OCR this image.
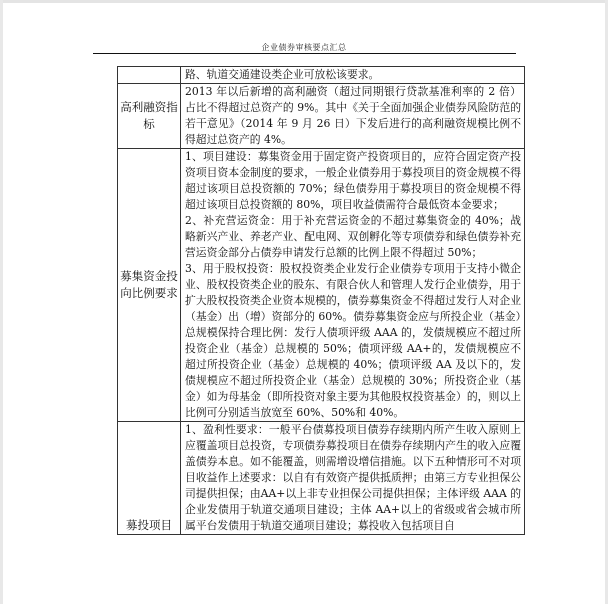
企业债券审核要点汇总

	路、轨道交通建设类企业可放松该要求。

高利融资指标	2013 年以后新增的高利融资（超过同期银行贷款基准利率的 2 倍）占比不得超过总资产的 9%。其中《关于全面加强企业债券风险防范的若干意见》（2014 年 9 月 26 日）下发后进行的高利融资规模比例不得超过总资产的 4%。

募集资金投向比例要求	1、项目建设：募集资金用于固定资产投资项目的，应符合固定资产投资项目资本金制度的要求，一般企业债券用于募投项目的资金规模不得超过该项目总投资额的 70%；绿色债券用于募投项目的资金规模不得超过该项目总投资额的 80%，项目收益债需符合最低资本金要求；
2、补充营运资金：用于补充营运资金的不超过募集资金的 40%；战略新兴产业、养老产业、配电网、双创孵化等专项债券和绿色债券补充营运资金部分占债券申请发行总额的比例上限不得超过 50%；
3、用于股权投资：股权投资类企业发行企业债券专项用于支持小微企业、股权投资类企业的股东、有限合伙人和管理人发行企业债券，用于扩大股权投资类企业资本规模的，债券募集资金不得超过发行人对企业（基金）出（增）资部分的 60%。债券募集资金应与所投企业（基金）总规模保持合理比例：发行人债项评级 AAA 的，发债规模应不超过所投资企业（基金）总规模的 50%；债项评级 AA+的，发债规模应不超过所投资企业（基金）总规模的 40%；债项评级 AA 及以下的，发债规模应不超过所投资企业（基金）总规模的 30%；所投资企业（基金）如为母基金（即所投资对象主要为其他股权投资基金）的，则以上比例可分别适当放宽至 60%、50%和 40%。

募投项目	1、盈利性要求：一般平台债募投项目债券存续期内所产生收入原则上应覆盖项目总投资，专项债券募投项目在债券存续期内产生的收入应覆盖债券本息。如不能覆盖，则需增设增信措施。以下五种情形可不对项目收益作上述要求：以自有有效资产提供抵质押；由第三方专业担保公司提供担保；由AA+以上非专业担保公司提供担保；主体评级 AAA 的企业发债用于轨道交通项目建设；主体 AA+以上的省级或省会城市所属平台发债用于轨道交通项目建设；募投收入包括项目自
